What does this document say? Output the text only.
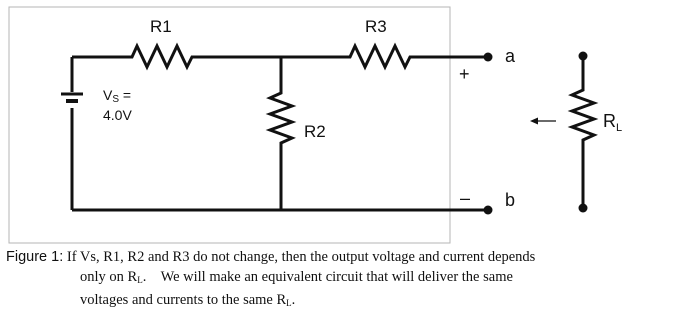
R1	R3
R2
VS =
4.0V
a
b
+
–
$R_L$
Figure 1: If Vs, R1, R2 and R3 do not change, then the output voltage and current depends
only on $R_L$.    We will make an equivalent circuit that will deliver the same
voltages and currents to the same $R_L$.
